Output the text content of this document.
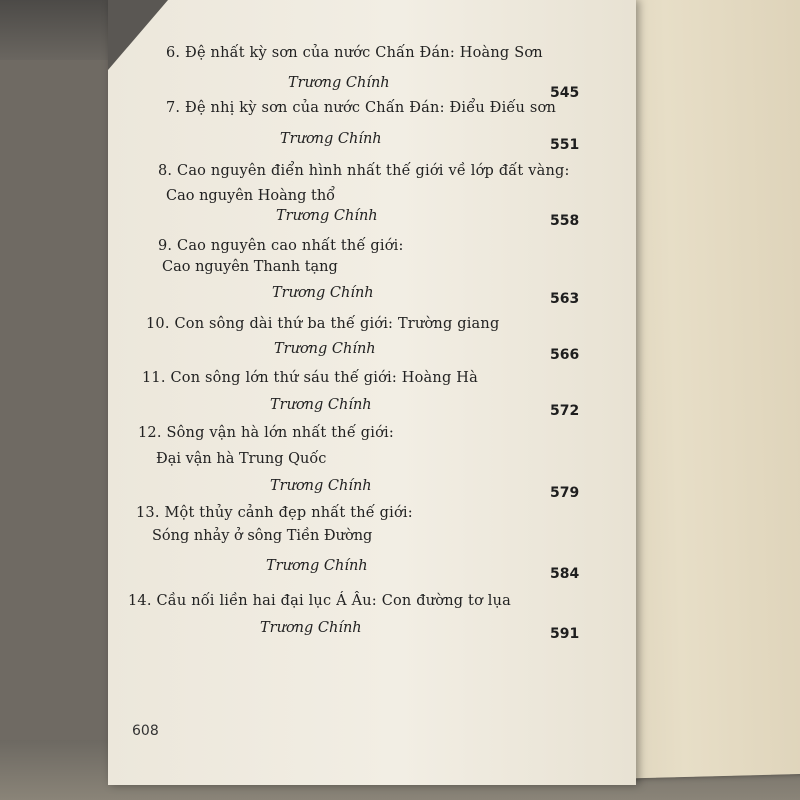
6. Đệ nhất kỳ sơn của nước Chấn Đán: Hoàng Sơn
Trương Chính
545
7. Đệ nhị kỳ sơn của nước Chấn Đán: Điểu Điếu sơn
Trương Chính	551
8. Cao nguyên điển hình nhất thế giới về lớp đất vàng:
Cao nguyên Hoàng thổ
Trương Chính	558
9. Cao nguyên cao nhất thế giới:
Cao nguyên Thanh tạng
Trương Chính	563
10. Con sông dài thứ ba thế giới: Trường giang
Trương Chính	566
11. Con sông lớn thứ sáu thế giới: Hoàng Hà
Trương Chính	572
12. Sông vận hà lớn nhất thế giới:
Đại vận hà Trung Quốc
Trương Chính	579
13. Một thủy cảnh đẹp nhất thế giới:
Sóng nhảy ở sông Tiền Đường
Trương Chính	584
14. Cầu nối liền hai đại lục Á Âu: Con đường tơ lụa
Trương Chính	591
608
